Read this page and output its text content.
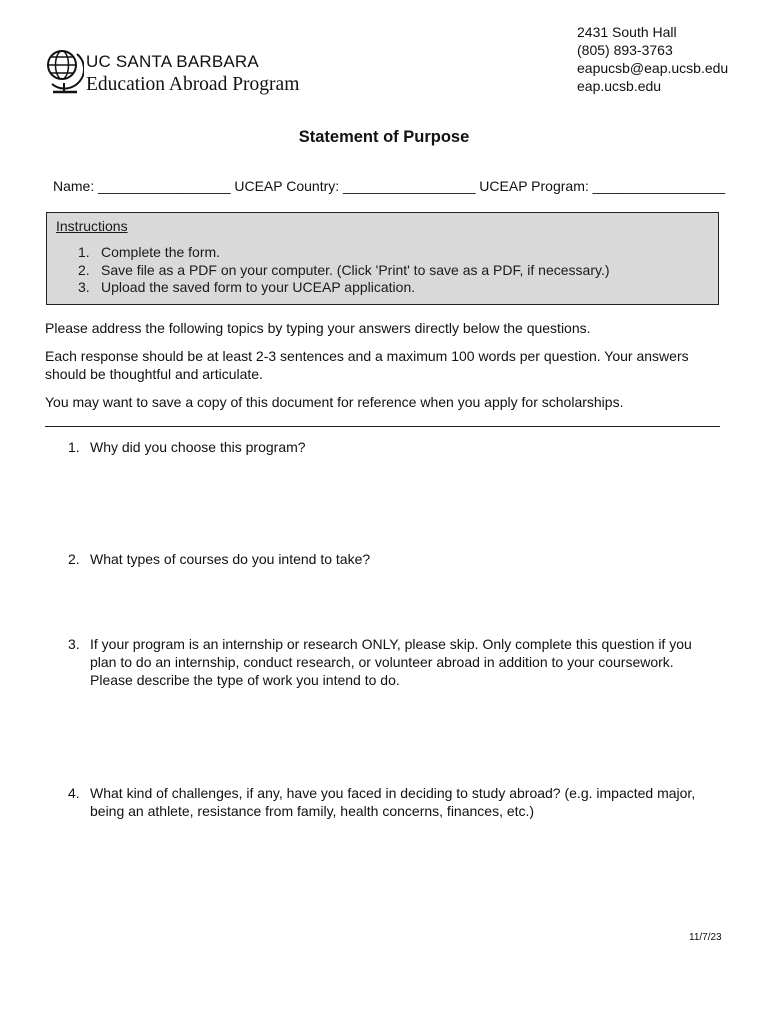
UC SANTA BARBARA
Education Abroad Program
2431 South Hall
(805) 893-3763
eapucsb@eap.ucsb.edu
eap.ucsb.edu
Statement of Purpose
Name: _________________ UCEAP Country: _________________ UCEAP Program: _________________
Instructions
1. Complete the form.
2. Save file as a PDF on your computer. (Click 'Print' to save as a PDF, if necessary.)
3. Upload the saved form to your UCEAP application.
Please address the following topics by typing your answers directly below the questions.
Each response should be at least 2-3 sentences and a maximum 100 words per question. Your answers should be thoughtful and articulate.
You may want to save a copy of this document for reference when you apply for scholarships.
1. Why did you choose this program?
2. What types of courses do you intend to take?
3. If your program is an internship or research ONLY, please skip. Only complete this question if you plan to do an internship, conduct research, or volunteer abroad in addition to your coursework. Please describe the type of work you intend to do.
4. What kind of challenges, if any, have you faced in deciding to study abroad? (e.g. impacted major, being an athlete, resistance from family, health concerns, finances, etc.)
11/7/23
